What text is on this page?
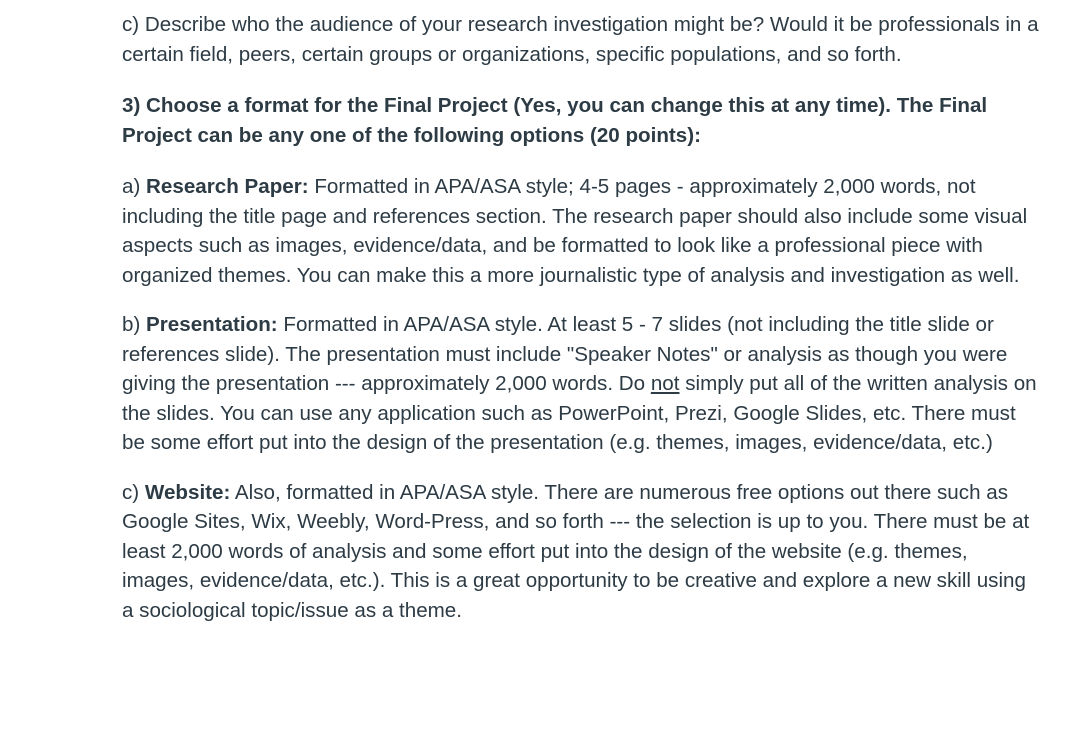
c) Describe who the audience of your research investigation might be? Would it be professionals in a certain field, peers, certain groups or organizations, specific populations, and so forth.

3) Choose a format for the Final Project (Yes, you can change this at any time). The Final Project can be any one of the following options (20 points):

a) Research Paper: Formatted in APA/ASA style; 4-5 pages - approximately 2,000 words, not including the title page and references section. The research paper should also include some visual aspects such as images, evidence/data, and be formatted to look like a professional piece with organized themes. You can make this a more journalistic type of analysis and investigation as well.

b) Presentation: Formatted in APA/ASA style. At least 5 - 7 slides (not including the title slide or references slide). The presentation must include "Speaker Notes" or analysis as though you were giving the presentation --- approximately 2,000 words. Do not simply put all of the written analysis on the slides. You can use any application such as PowerPoint, Prezi, Google Slides, etc. There must be some effort put into the design of the presentation (e.g. themes, images, evidence/data, etc.)

c) Website: Also, formatted in APA/ASA style. There are numerous free options out there such as Google Sites, Wix, Weebly, Word-Press, and so forth --- the selection is up to you. There must be at least 2,000 words of analysis and some effort put into the design of the website (e.g. themes, images, evidence/data, etc.). This is a great opportunity to be creative and explore a new skill using a sociological topic/issue as a theme.
